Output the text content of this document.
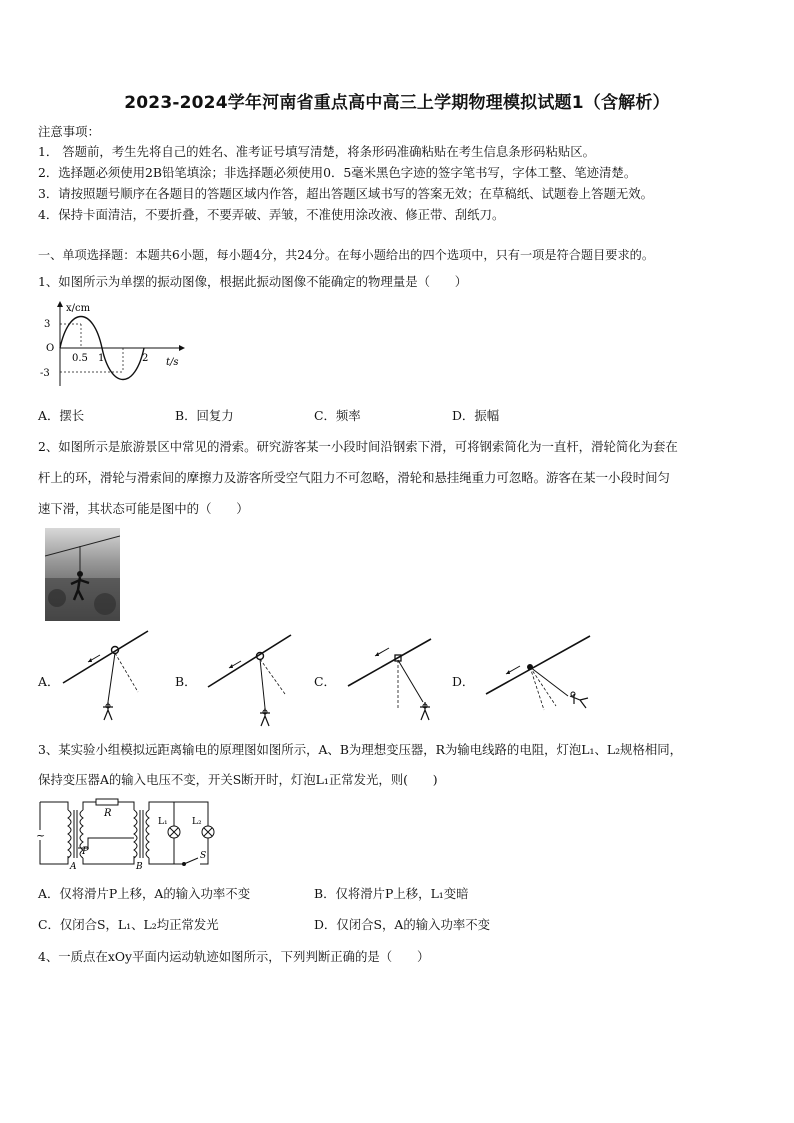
2023-2024学年河南省重点高中高三上学期物理模拟试题1（含解析）
注意事项：
1． 答题前，考生先将自己的姓名、准考证号填写清楚，将条形码准确粘贴在考生信息条形码粘贴区。
2．选择题必须使用2B铅笔填涂；非选择题必须使用0．5毫米黑色字迹的签字笔书写，字体工整、笔迹清楚。
3．请按照题号顺序在各题目的答题区域内作答，超出答题区域书写的答案无效；在草稿纸、试题卷上答题无效。
4．保持卡面清洁，不要折叠，不要弄破、弄皱，不准使用涂改液、修正带、刮纸刀。
一、单项选择题：本题共6小题，每小题4分，共24分。在每小题给出的四个选项中，只有一项是符合题目要求的。
1、如图所示为单摆的振动图像，根据此振动图像不能确定的物理量是（　　）
x/cm
3
O
-3
0.5 1	2 t/s
A．摆长	B．回复力	C．频率	D．振幅
2、如图所示是旅游景区中常见的滑索。研究游客某一小段时间沿钢索下滑，可将钢索简化为一直杆，滑轮简化为套在
杆上的环，滑轮与滑索间的摩擦力及游客所受空气阻力不可忽略，滑轮和悬挂绳重力可忽略。游客在某一小段时间匀
速下滑，其状态可能是图中的（　　）
A．	B．	C．	D．
3、某实验小组模拟远距离输电的原理图如图所示，A、B为理想变压器，R为输电线路的电阻，灯泡L₁、L₂规格相同，
保持变压器A的输入电压不变，开关S断开时，灯泡L₁正常发光，则(　　)
~
R
P
A	B
L₁	L₂
S
A．仅将滑片P上移，A的输入功率不变	B．仅将滑片P上移，L₁变暗
C．仅闭合S，L₁、L₂均正常发光	D．仅闭合S，A的输入功率不变
4、一质点在xOy平面内运动轨迹如图所示，下列判断正确的是（　　）
